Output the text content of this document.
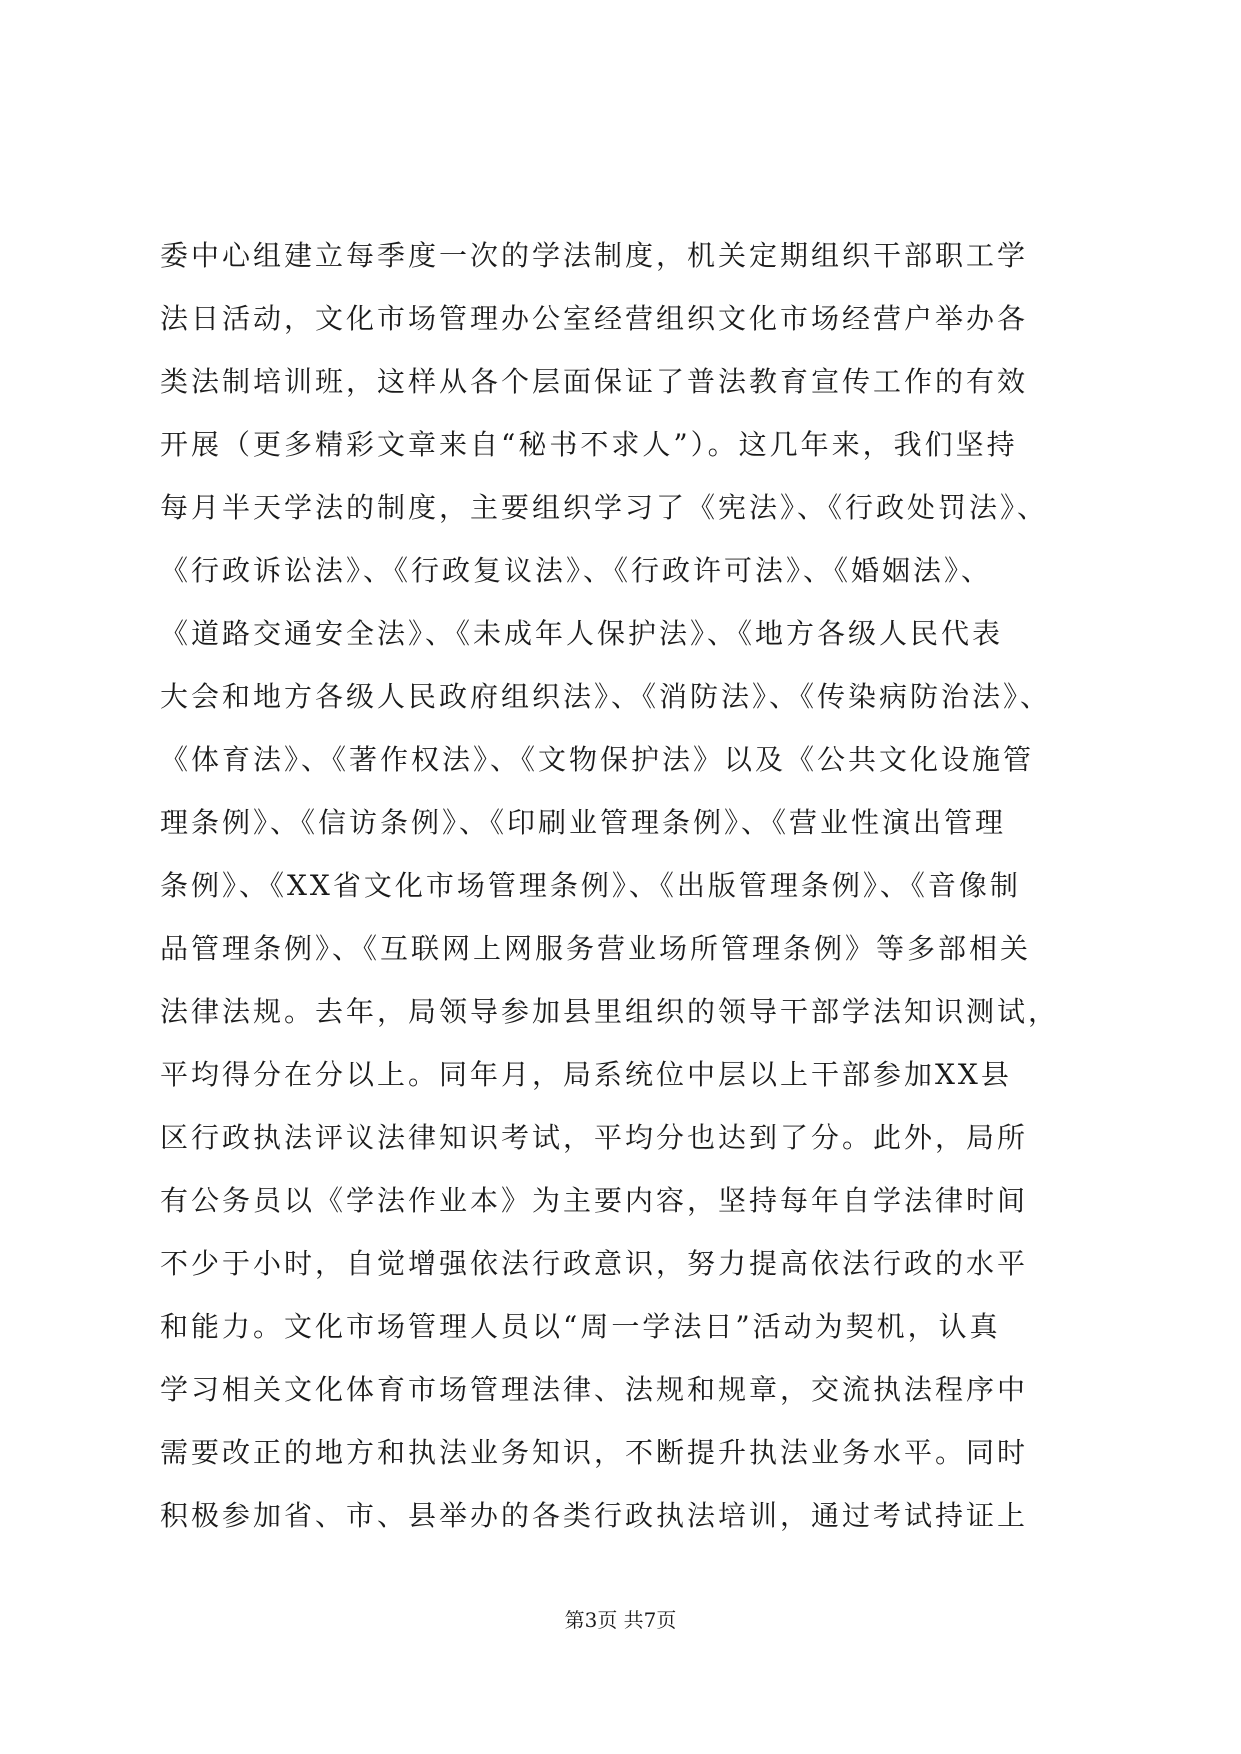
委中心组建立每季度一次的学法制度，机关定期组织干部职工学
法日活动，文化市场管理办公室经营组织文化市场经营户举办各
类法制培训班，这样从各个层面保证了普法教育宣传工作的有效
开展（更多精彩文章来自“秘书不求人”）。这几年来，我们坚持
每月半天学法的制度，主要组织学习了《宪法》、《行政处罚法》、
《行政诉讼法》、《行政复议法》、《行政许可法》、《婚姻法》、
《道路交通安全法》、《未成年人保护法》、《地方各级人民代表
大会和地方各级人民政府组织法》、《消防法》、《传染病防治法》、
《体育法》、《著作权法》、《文物保护法》以及《公共文化设施管
理条例》、《信访条例》、《印刷业管理条例》、《营业性演出管理
条例》、《XX省文化市场管理条例》、《出版管理条例》、《音像制
品管理条例》、《互联网上网服务营业场所管理条例》等多部相关
法律法规。去年，局领导参加县里组织的领导干部学法知识测试，
平均得分在分以上。同年月，局系统位中层以上干部参加XX县
区行政执法评议法律知识考试，平均分也达到了分。此外，局所
有公务员以《学法作业本》为主要内容，坚持每年自学法律时间
不少于小时，自觉增强依法行政意识，努力提高依法行政的水平
和能力。文化市场管理人员以“周一学法日”活动为契机，认真
学习相关文化体育市场管理法律、法规和规章，交流执法程序中
需要改正的地方和执法业务知识，不断提升执法业务水平。同时
积极参加省、市、县举办的各类行政执法培训，通过考试持证上
第3页 共7页
